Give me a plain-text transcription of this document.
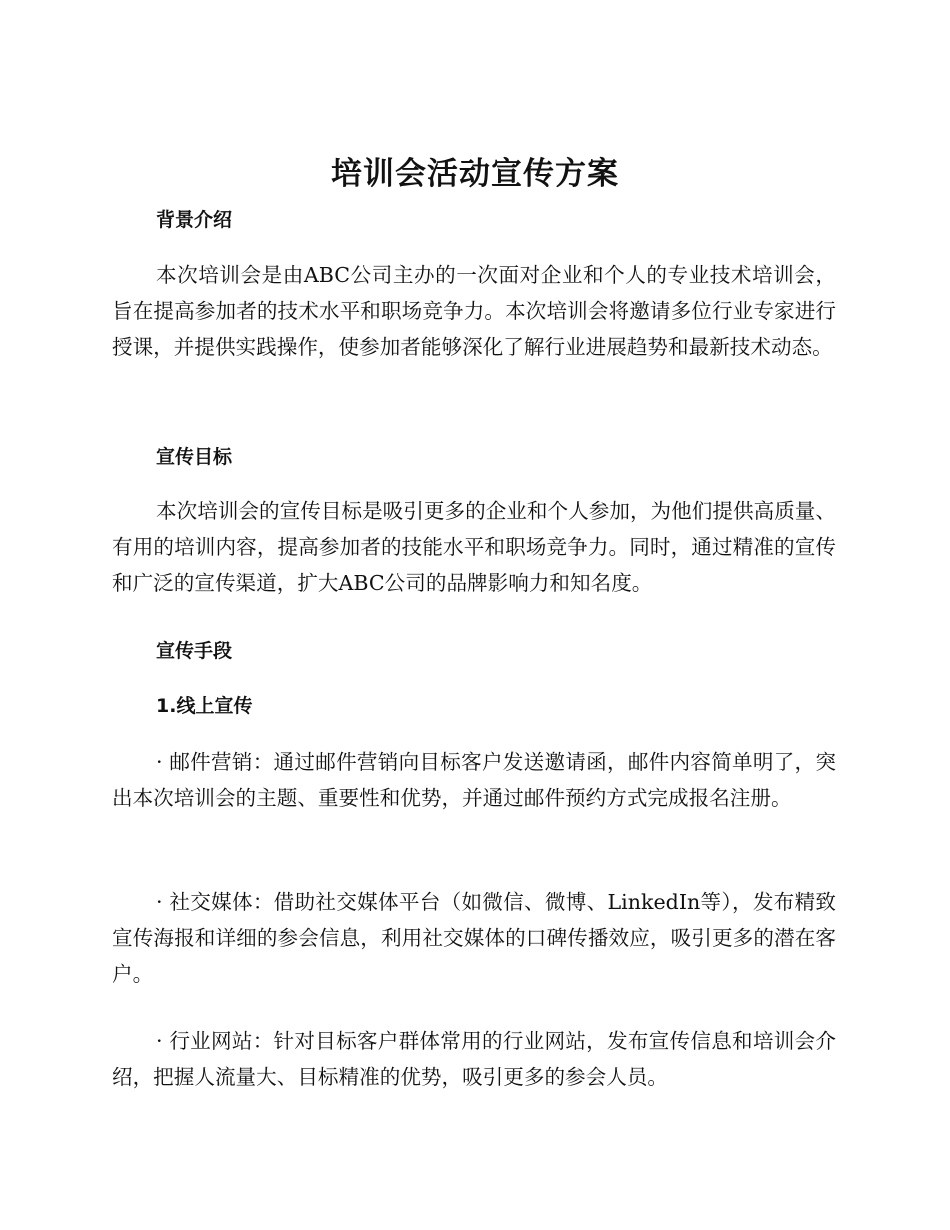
培训会活动宣传方案
背景介绍

本次培训会是由ABC公司主办的一次面对企业和个人的专业技术培训会，旨在提高参加者的技术水平和职场竞争力。本次培训会将邀请多位行业专家进行授课，并提供实践操作，使参加者能够深化了解行业进展趋势和最新技术动态。

宣传目标

本次培训会的宣传目标是吸引更多的企业和个人参加，为他们提供高质量、有用的培训内容，提高参加者的技能水平和职场竞争力。同时，通过精准的宣传和广泛的宣传渠道，扩大ABC公司的品牌影响力和知名度。

宣传手段
1.线上宣传

· 邮件营销：通过邮件营销向目标客户发送邀请函，邮件内容简单明了，突出本次培训会的主题、重要性和优势，并通过邮件预约方式完成报名注册。

· 社交媒体：借助社交媒体平台（如微信、微博、LinkedIn等），发布精致宣传海报和详细的参会信息，利用社交媒体的口碑传播效应，吸引更多的潜在客户。

· 行业网站：针对目标客户群体常用的行业网站，发布宣传信息和培训会介绍，把握人流量大、目标精准的优势，吸引更多的参会人员。
